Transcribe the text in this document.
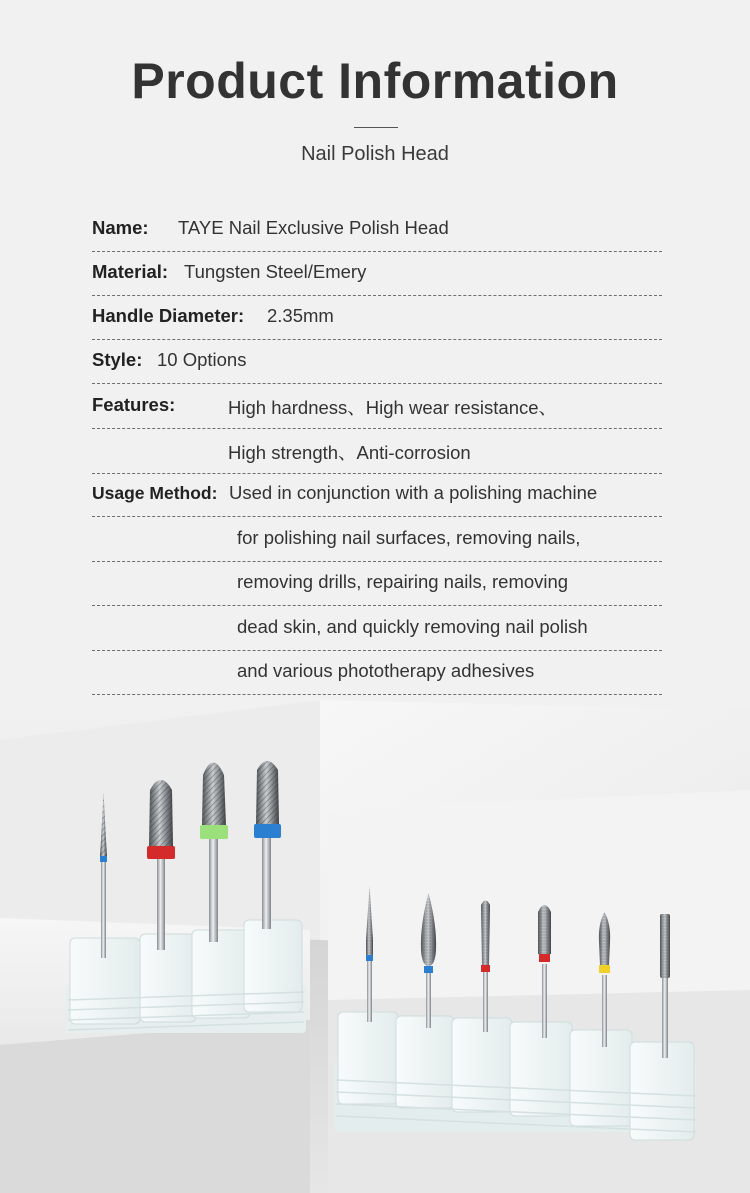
Product Information
Nail Polish Head
Name: TAYE Nail Exclusive Polish Head
Material: Tungsten Steel/Emery
Handle Diameter: 2.35mm
Style: 10 Options
Features:	High hardness、High wear resistance、
High strength、Anti-corrosion
Usage Method: Used in conjunction with a polishing machine
for polishing nail surfaces, removing nails,
removing drills, repairing nails, removing
dead skin, and quickly removing nail polish
and various phototherapy adhesives
